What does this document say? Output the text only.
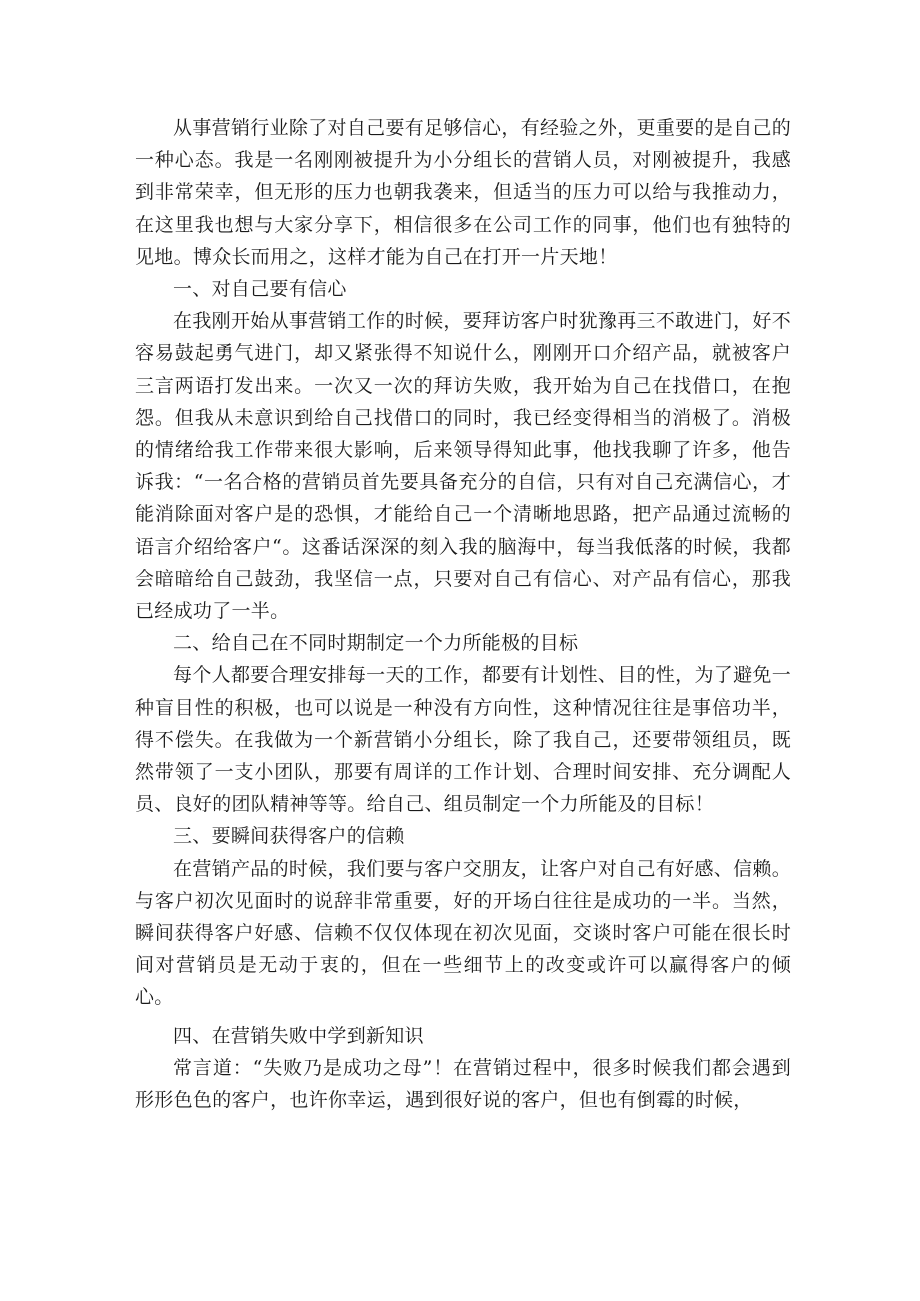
从事营销行业除了对自己要有足够信心，有经验之外，更重要的是自己的一种心态。我是一名刚刚被提升为小分组长的营销人员，对刚被提升，我感到非常荣幸，但无形的压力也朝我袭来，但适当的压力可以给与我推动力，在这里我也想与大家分享下，相信很多在公司工作的同事，他们也有独特的见地。博众长而用之，这样才能为自己在打开一片天地！

一、对自己要有信心

在我刚开始从事营销工作的时候，要拜访客户时犹豫再三不敢进门，好不容易鼓起勇气进门，却又紧张得不知说什么，刚刚开口介绍产品，就被客户三言两语打发出来。一次又一次的拜访失败，我开始为自己在找借口，在抱怨。但我从未意识到给自己找借口的同时，我已经变得相当的消极了。消极的情绪给我工作带来很大影响，后来领导得知此事，他找我聊了许多，他告诉我：“一名合格的营销员首先要具备充分的自信，只有对自己充满信心，才能消除面对客户是的恐惧，才能给自己一个清晰地思路，把产品通过流畅的语言介绍给客户“。这番话深深的刻入我的脑海中，每当我低落的时候，我都会暗暗给自己鼓劲，我坚信一点，只要对自己有信心、对产品有信心，那我已经成功了一半。

二、给自己在不同时期制定一个力所能极的目标

每个人都要合理安排每一天的工作，都要有计划性、目的性，为了避免一种盲目性的积极，也可以说是一种没有方向性，这种情况往往是事倍功半，得不偿失。在我做为一个新营销小分组长，除了我自己，还要带领组员，既然带领了一支小团队，那要有周详的工作计划、合理时间安排、充分调配人员、良好的团队精神等等。给自己、组员制定一个力所能及的目标！

三、要瞬间获得客户的信赖

在营销产品的时候，我们要与客户交朋友，让客户对自己有好感、信赖。与客户初次见面时的说辞非常重要，好的开场白往往是成功的一半。当然，瞬间获得客户好感、信赖不仅仅体现在初次见面，交谈时客户可能在很长时间对营销员是无动于衷的，但在一些细节上的改变或许可以赢得客户的倾心。

四、在营销失败中学到新知识

常言道：“失败乃是成功之母”！在营销过程中，很多时候我们都会遇到形形色色的客户，也许你幸运，遇到很好说的客户，但也有倒霉的时候，
